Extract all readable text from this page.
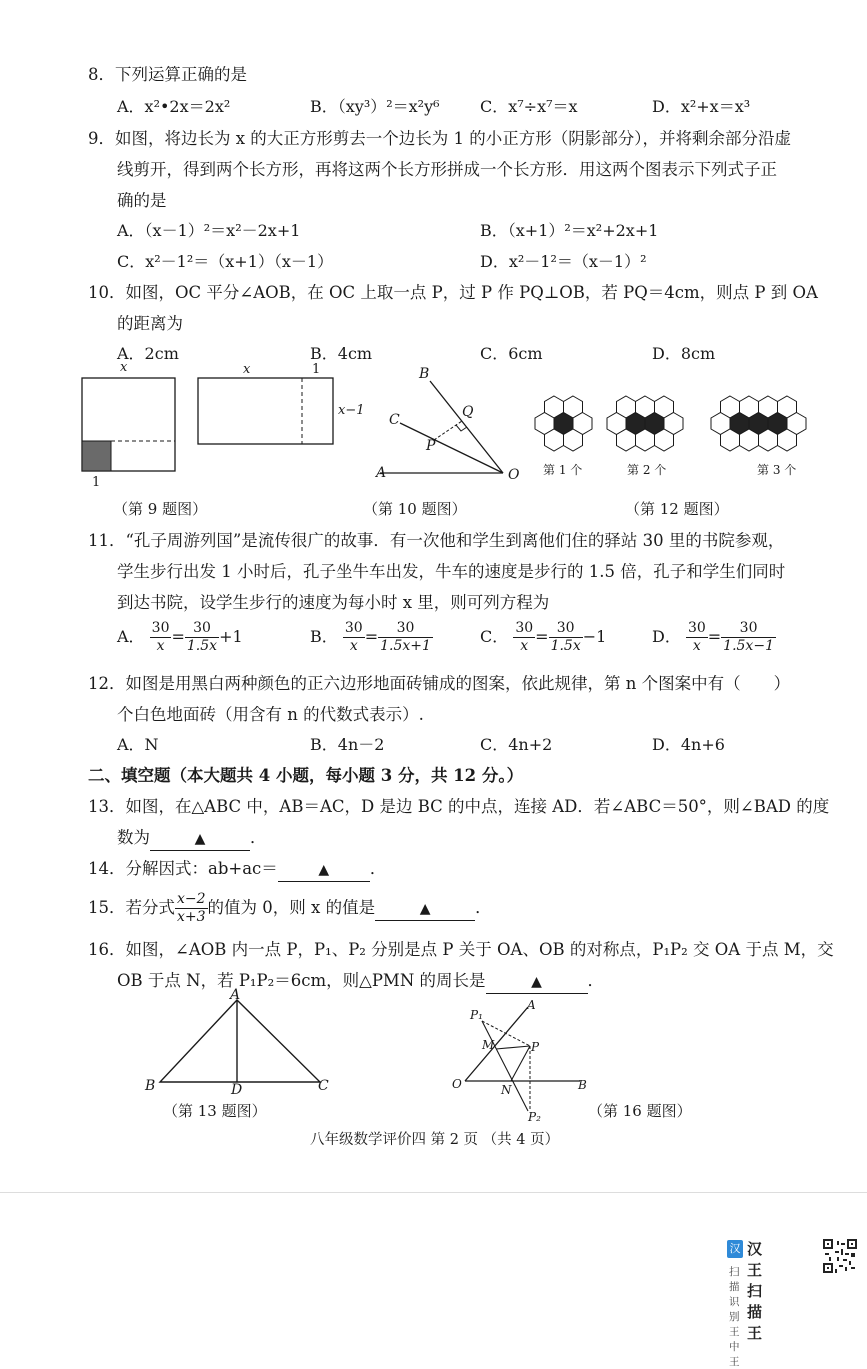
8．下列运算正确的是
A．x²•2x＝2x²	B．（xy³）²＝x²y⁶	C．x⁷÷x⁷＝x	D．x²+x＝x³
9．如图，将边长为 x 的大正方形剪去一个边长为 1 的小正方形（阴影部分），并将剩余部分沿虚
线剪开，得到两个长方形，再将这两个长方形拼成一个长方形．用这两个图表示下列式子正
确的是
A．（x－1）²＝x²－2x+1	B．（x+1）²＝x²+2x+1
C．x²－1²＝（x+1）（x－1）	D．x²－1²＝（x－1）²
10．如图，OC 平分∠AOB，在 OC 上取一点 P，过 P 作 PQ⊥OB，若 PQ＝4cm，则点 P 到 OA
的距离为
A．2cm	B．4cm	C．6cm	D．8cm
x
1
x	1
x−1
（第 9 题图）
B
C	Q
P
A	O
（第 10 题图）
第 1 个	第 2 个	第 3 个
（第 12 题图）
11．“孔子周游列国”是流传很广的故事．有一次他和学生到离他们住的驿站 30 里的书院参观，
学生步行出发 1 小时后，孔子坐牛车出发，牛车的速度是步行的 1.5 倍，孔子和学生们同时
到达书院，设学生步行的速度为每小时 x 里，则可列方程为
A． $\frac{30}{x} = \frac{30}{1.5x} +1$	B． $\frac{30}{x} = \frac{30}{1.5x+1}$	C． $\frac{30}{x} = \frac{30}{1.5x} -1$	D． $\frac{30}{x} = \frac{30}{1.5x-1}$
12．如图是用黑白两种颜色的正六边形地面砖铺成的图案，依此规律，第 n 个图案中有（　　）
个白色地面砖（用含有 n 的代数式表示）.
A．N	B．4n－2	C．4n+2	D．4n+6
二、填空题（本大题共 4 小题，每小题 3 分，共 12 分。）
13．如图，在△ABC 中，AB＝AC，D 是边 BC 的中点，连接 AD．若∠ABC＝50°，则∠BAD 的度
数为	▲	．
14．分解因式：ab+ac＝	▲ ．
15．若分式 $\frac{x-2}{x+3}$ 的值为 0，则 x 的值是	▲	．
16．如图，∠AOB 内一点 P，P₁、P₂ 分别是点 P 关于 OA、OB 的对称点，P₁P₂ 交 OA 于点 M，交
OB 于点 N，若 P₁P₂＝6cm，则△PMN 的周长是	▲	．
A
B	D	C
（第 13 题图）
P₁
A
M	P
O	N	B
P₂	（第 16 题图）
八年级数学评价四 第 2 页 （共 4 页）
汉 汉王扫描王
扫描识别王中王
